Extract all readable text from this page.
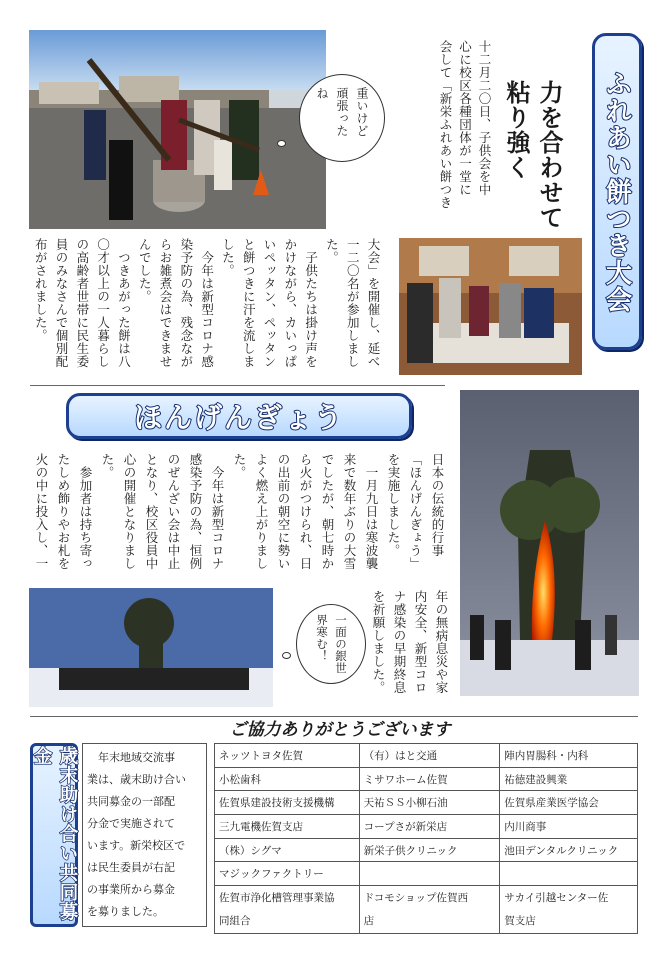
重いけど頑張ったね	力を合わせて粘り強く
十二月二〇日、子供会を中
心に校区各種団体が一堂に
会して「新栄ふれあい餅つき	ふれあい餅つき大会
大会」を開催し、延べ
一二〇名が参加しまし
た。
　子供たちは掛け声を
かけながら、カいっぱ
いペッタン、ペッタン
と餅つきに汗を流しま
した。
　今年は新型コロナ感
染予防の為、残念なが
らお雑煮会はできませ
んでした。
　つきあがった餅は八
〇才以上の一人暮らし
の高齢者世帯に民生委
員のみなさんで個別配
布がされました。
ほんげんぎょう
日本の伝統的行事
「ほんげんぎょう」
を実施しました。
　一月九日は寒波襲
来で数年ぶりの大雪
でしたが、朝七時か
ら火がつけられ、日
の出前の朝空に勢い
よく燃え上がりまし
た。
　今年は新型コロナ
感染予防の為、恒例
のぜんざい会は中止
となり、校区役員中
心の開催となりまし
た。
　参加者は持ち寄っ
たしめ飾りやお札を
火の中に投入し、一
一面の銀世界寒む！	年の無病息災や家
内安全、新型コロ
ナ感染の早期終息
を祈願しました。
ご協力ありがとうございます
歳末助け合い共同募金	年末地域交流事
業は、歳末助け合い
共同募金の一部配
分金で実施されて
います。新栄校区で
は民生委員が右記
の事業所から募金
を募りました。
ネッツトヨタ佐賀	（有）はと交通	陣内胃腸科・内科
小松歯科	ミサワホーム佐賀	祐徳建設興業
佐賀県建設技術支援機構	天祐ＳＳ小柳石油	佐賀県産業医学協会
三九電機佐賀支店	コープさが新栄店	内川商事
（株）シグマ	新栄子供クリニック	池田デンタルクリニック
マジックファクトリー		
佐賀市浄化槽管理事業協	ドコモショップ佐賀西	サカイ引越センター佐
同組合	店	賀支店
